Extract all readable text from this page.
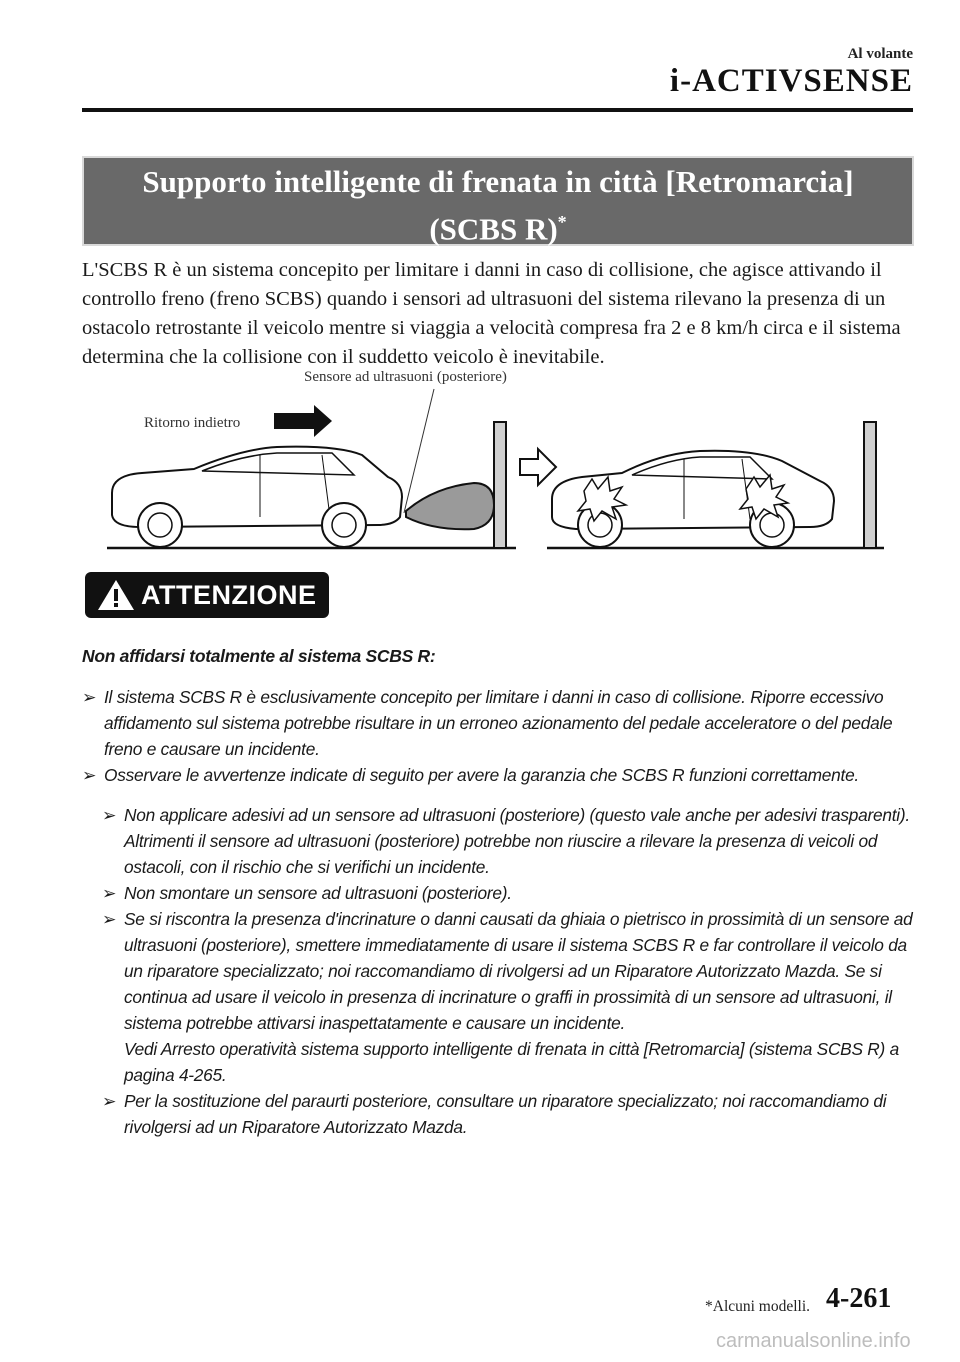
Al volante
i-ACTIVSENSE
Supporto intelligente di frenata in città [Retromarcia]
(SCBS R)*
L'SCBS R è un sistema concepito per limitare i danni in caso di collisione, che agisce attivando il controllo freno (freno SCBS) quando i sensori ad ultrasuoni del sistema rilevano la presenza di un ostacolo retrostante il veicolo mentre si viaggia a velocità compresa fra 2 e 8 km/h circa e il sistema determina che la collisione con il suddetto veicolo è inevitabile.
Sensore ad ultrasuoni (posteriore)
Ritorno indietro
ATTENZIONE
Non affidarsi totalmente al sistema SCBS R:
➢ Il sistema SCBS R è esclusivamente concepito per limitare i danni in caso di collisione. Riporre eccessivo affidamento sul sistema potrebbe risultare in un erroneo azionamento del pedale acceleratore o del pedale freno e causare un incidente.
➢ Osservare le avvertenze indicate di seguito per avere la garanzia che SCBS R funzioni correttamente.
➢ Non applicare adesivi ad un sensore ad ultrasuoni (posteriore) (questo vale anche per adesivi trasparenti). Altrimenti il sensore ad ultrasuoni (posteriore) potrebbe non riuscire a rilevare la presenza di veicoli od ostacoli, con il rischio che si verifichi un incidente.
➢ Non smontare un sensore ad ultrasuoni (posteriore).
➢ Se si riscontra la presenza d'incrinature o danni causati da ghiaia o pietrisco in prossimità di un sensore ad ultrasuoni (posteriore), smettere immediatamente di usare il sistema SCBS R e far controllare il veicolo da un riparatore specializzato; noi raccomandiamo di rivolgersi ad un Riparatore Autorizzato Mazda. Se si continua ad usare il veicolo in presenza di incrinature o graffi in prossimità di un sensore ad ultrasuoni, il sistema potrebbe attivarsi inaspettatamente e causare un incidente.
Vedi Arresto operatività sistema supporto intelligente di frenata in città [Retromarcia] (sistema SCBS R) a pagina 4-265.
➢ Per la sostituzione del paraurti posteriore, consultare un riparatore specializzato; noi raccomandiamo di rivolgersi ad un Riparatore Autorizzato Mazda.
*Alcuni modelli. 4-261
carmanualsonline.info
